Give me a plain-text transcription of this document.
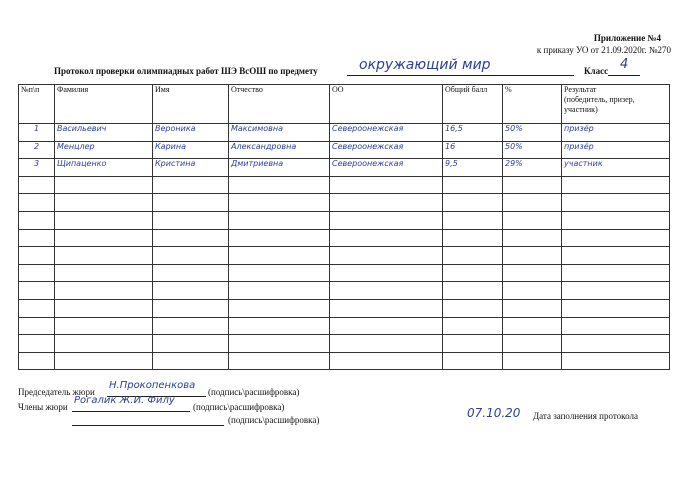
Приложение №4
к приказу УО от 21.09.2020г. №270
Протокол проверки олимпиадных работ ШЭ ВсОШ по предмету	окружающий мир	Класс 4
№п\п	Фамилия	Имя	Отчество	ОО	Общий балл	%	Результат
(победитель, призер, участник)
1	Васильевич	Вероника	Максимовна	Североонежская	16,5	50%	призёр
2	Менцлер	Карина	Александровна	Североонежская	16	50%	призёр
3	Щипаценко	Кристина	Дмитриевна	Североонежская	9,5	29%	участник

Председатель жюри
Н.Прокопенкова
(подпись\расшифровка)
Члены жюри
Рогалик Ж.И. Филу
(подпись\расшифровка)
(подпись\расшифровка)	07.10.20 Дата заполнения протокола
